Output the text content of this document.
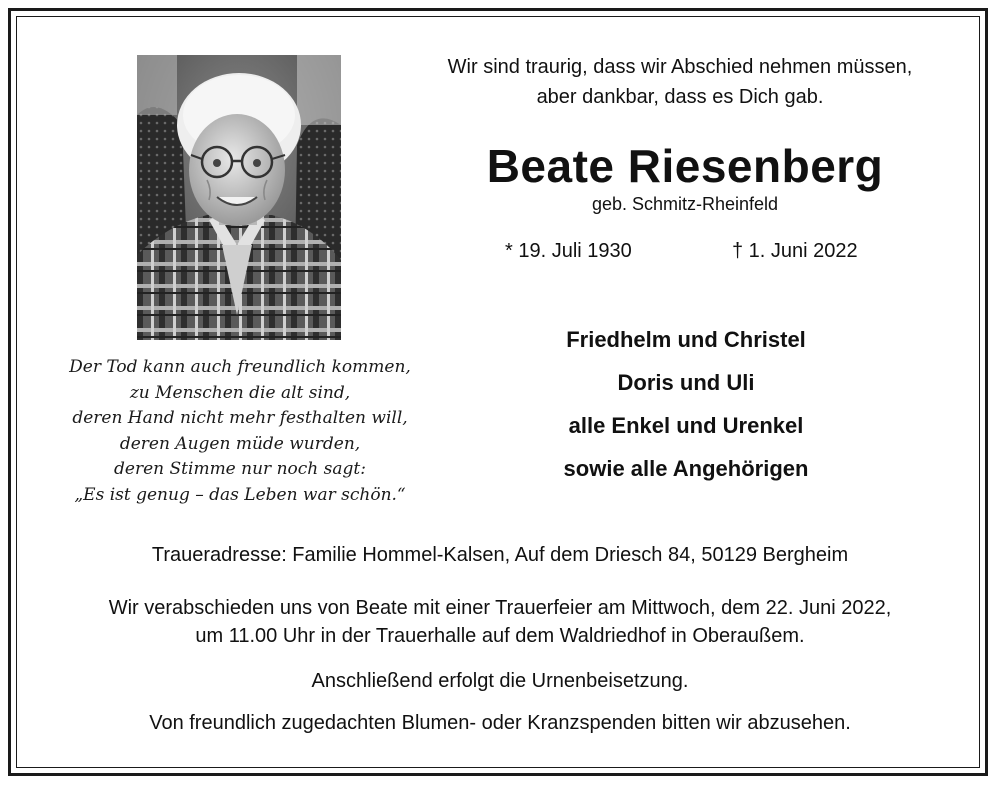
Der Tod kann auch freundlich kommen,
zu Menschen die alt sind,
deren Hand nicht mehr festhalten will,
deren Augen müde wurden,
deren Stimme nur noch sagt:
„Es ist genug – das Leben war schön.“
Wir sind traurig, dass wir Abschied nehmen müssen,
aber dankbar, dass es Dich gab.
Beate Riesenberg
geb. Schmitz-Rheinfeld
* 19. Juli 1930	† 1. Juni 2022
Friedhelm und Christel
Doris und Uli
alle Enkel und Urenkel
sowie alle Angehörigen
Traueradresse: Familie Hommel-Kalsen, Auf dem Driesch 84, 50129 Bergheim
Wir verabschieden uns von Beate mit einer Trauerfeier am Mittwoch, dem 22. Juni 2022,
um 11.00 Uhr in der Trauerhalle auf dem Waldriedhof in Oberaußem.
Anschließend erfolgt die Urnenbeisetzung.
Von freundlich zugedachten Blumen- oder Kranzspenden bitten wir abzusehen.
